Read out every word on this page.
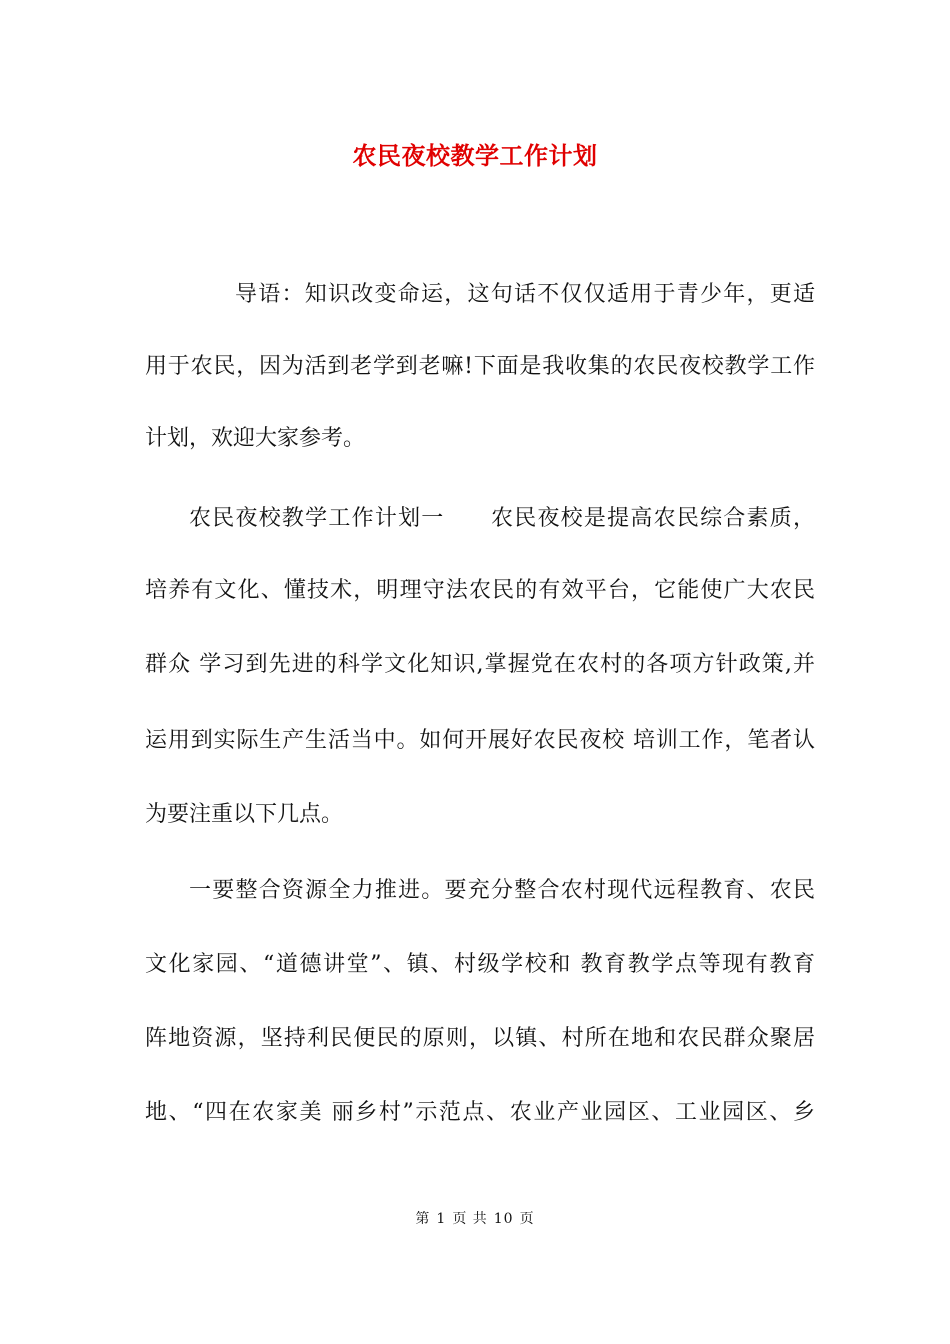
农民夜校教学工作计划
导语：知识改变命运，这句话不仅仅适用于青少年，更适
用于农民，因为活到老学到老嘛!下面是我收集的农民夜校教学工作
计划，欢迎大家参考。
农民夜校教学工作计划一　　农民夜校是提高农民综合素质，
培养有文化、懂技术，明理守法农民的有效平台，它能使广大农民
群众 学习到先进的科学文化知识,掌握党在农村的各项方针政策,并
运用到实际生产生活当中。如何开展好农民夜校 培训工作，笔者认
为要注重以下几点。
一要整合资源全力推进。要充分整合农村现代远程教育、农民
文化家园、“道德讲堂”、镇、村级学校和 教育教学点等现有教育
阵地资源，坚持利民便民的原则，以镇、村所在地和农民群众聚居
地、“四在农家美 丽乡村”示范点、农业产业园区、工业园区、乡
第 1 页 共 10 页
